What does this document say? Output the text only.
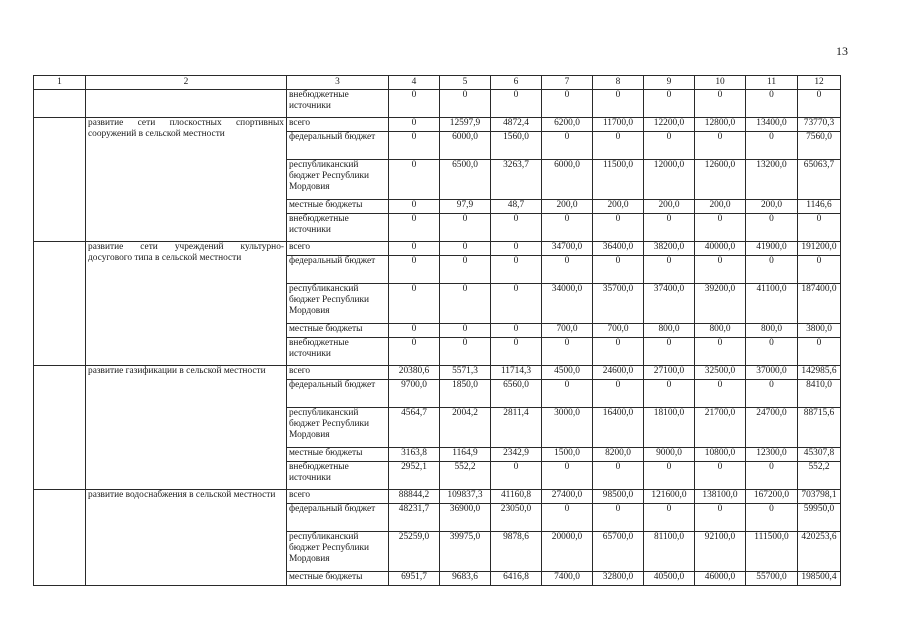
13
1	2	3	4	5	6	7	8	9	10	11	12
		внебюджетные источники	0	0	0	0	0	0	0	0	0
	развитие сети плоскостных спортивных сооружений в сельской местности	всего	0	12597,9	4872,4	6200,0	11700,0	12200,0	12800,0	13400,0	73770,3
		федеральный бюджет	0	6000,0	1560,0	0	0	0	0	0	7560,0
		республиканский бюджет Республики Мордовия	0	6500,0	3263,7	6000,0	11500,0	12000,0	12600,0	13200,0	65063,7
		местные бюджеты	0	97,9	48,7	200,0	200,0	200,0	200,0	200,0	1146,6
		внебюджетные источники	0	0	0	0	0	0	0	0	0
	развитие сети учреждений культурно-досугового типа в сельской местности	всего	0	0	0	34700,0	36400,0	38200,0	40000,0	41900,0	191200,0
		федеральный бюджет	0	0	0	0	0	0	0	0	0
		республиканский бюджет Республики Мордовия	0	0	0	34000,0	35700,0	37400,0	39200,0	41100,0	187400,0
		местные бюджеты	0	0	0	700,0	700,0	800,0	800,0	800,0	3800,0
		внебюджетные источники	0	0	0	0	0	0	0	0	0
	развитие газификации в сельской местности	всего	20380,6	5571,3	11714,3	4500,0	24600,0	27100,0	32500,0	37000,0	142985,6
		федеральный бюджет	9700,0	1850,0	6560,0	0	0	0	0	0	8410,0
		республиканский бюджет Республики Мордовия	4564,7	2004,2	2811,4	3000,0	16400,0	18100,0	21700,0	24700,0	88715,6
		местные бюджеты	3163,8	1164,9	2342,9	1500,0	8200,0	9000,0	10800,0	12300,0	45307,8
		внебюджетные источники	2952,1	552,2	0	0	0	0	0	0	552,2
	развитие водоснабжения в сельской местности	всего	88844,2	109837,3	41160,8	27400,0	98500,0	121600,0	138100,0	167200,0	703798,1
		федеральный бюджет	48231,7	36900,0	23050,0	0	0	0	0	0	59950,0
		республиканский бюджет Республики Мордовия	25259,0	39975,0	9878,6	20000,0	65700,0	81100,0	92100,0	111500,0	420253,6
		местные бюджеты	6951,7	9683,6	6416,8	7400,0	32800,0	40500,0	46000,0	55700,0	198500,4
